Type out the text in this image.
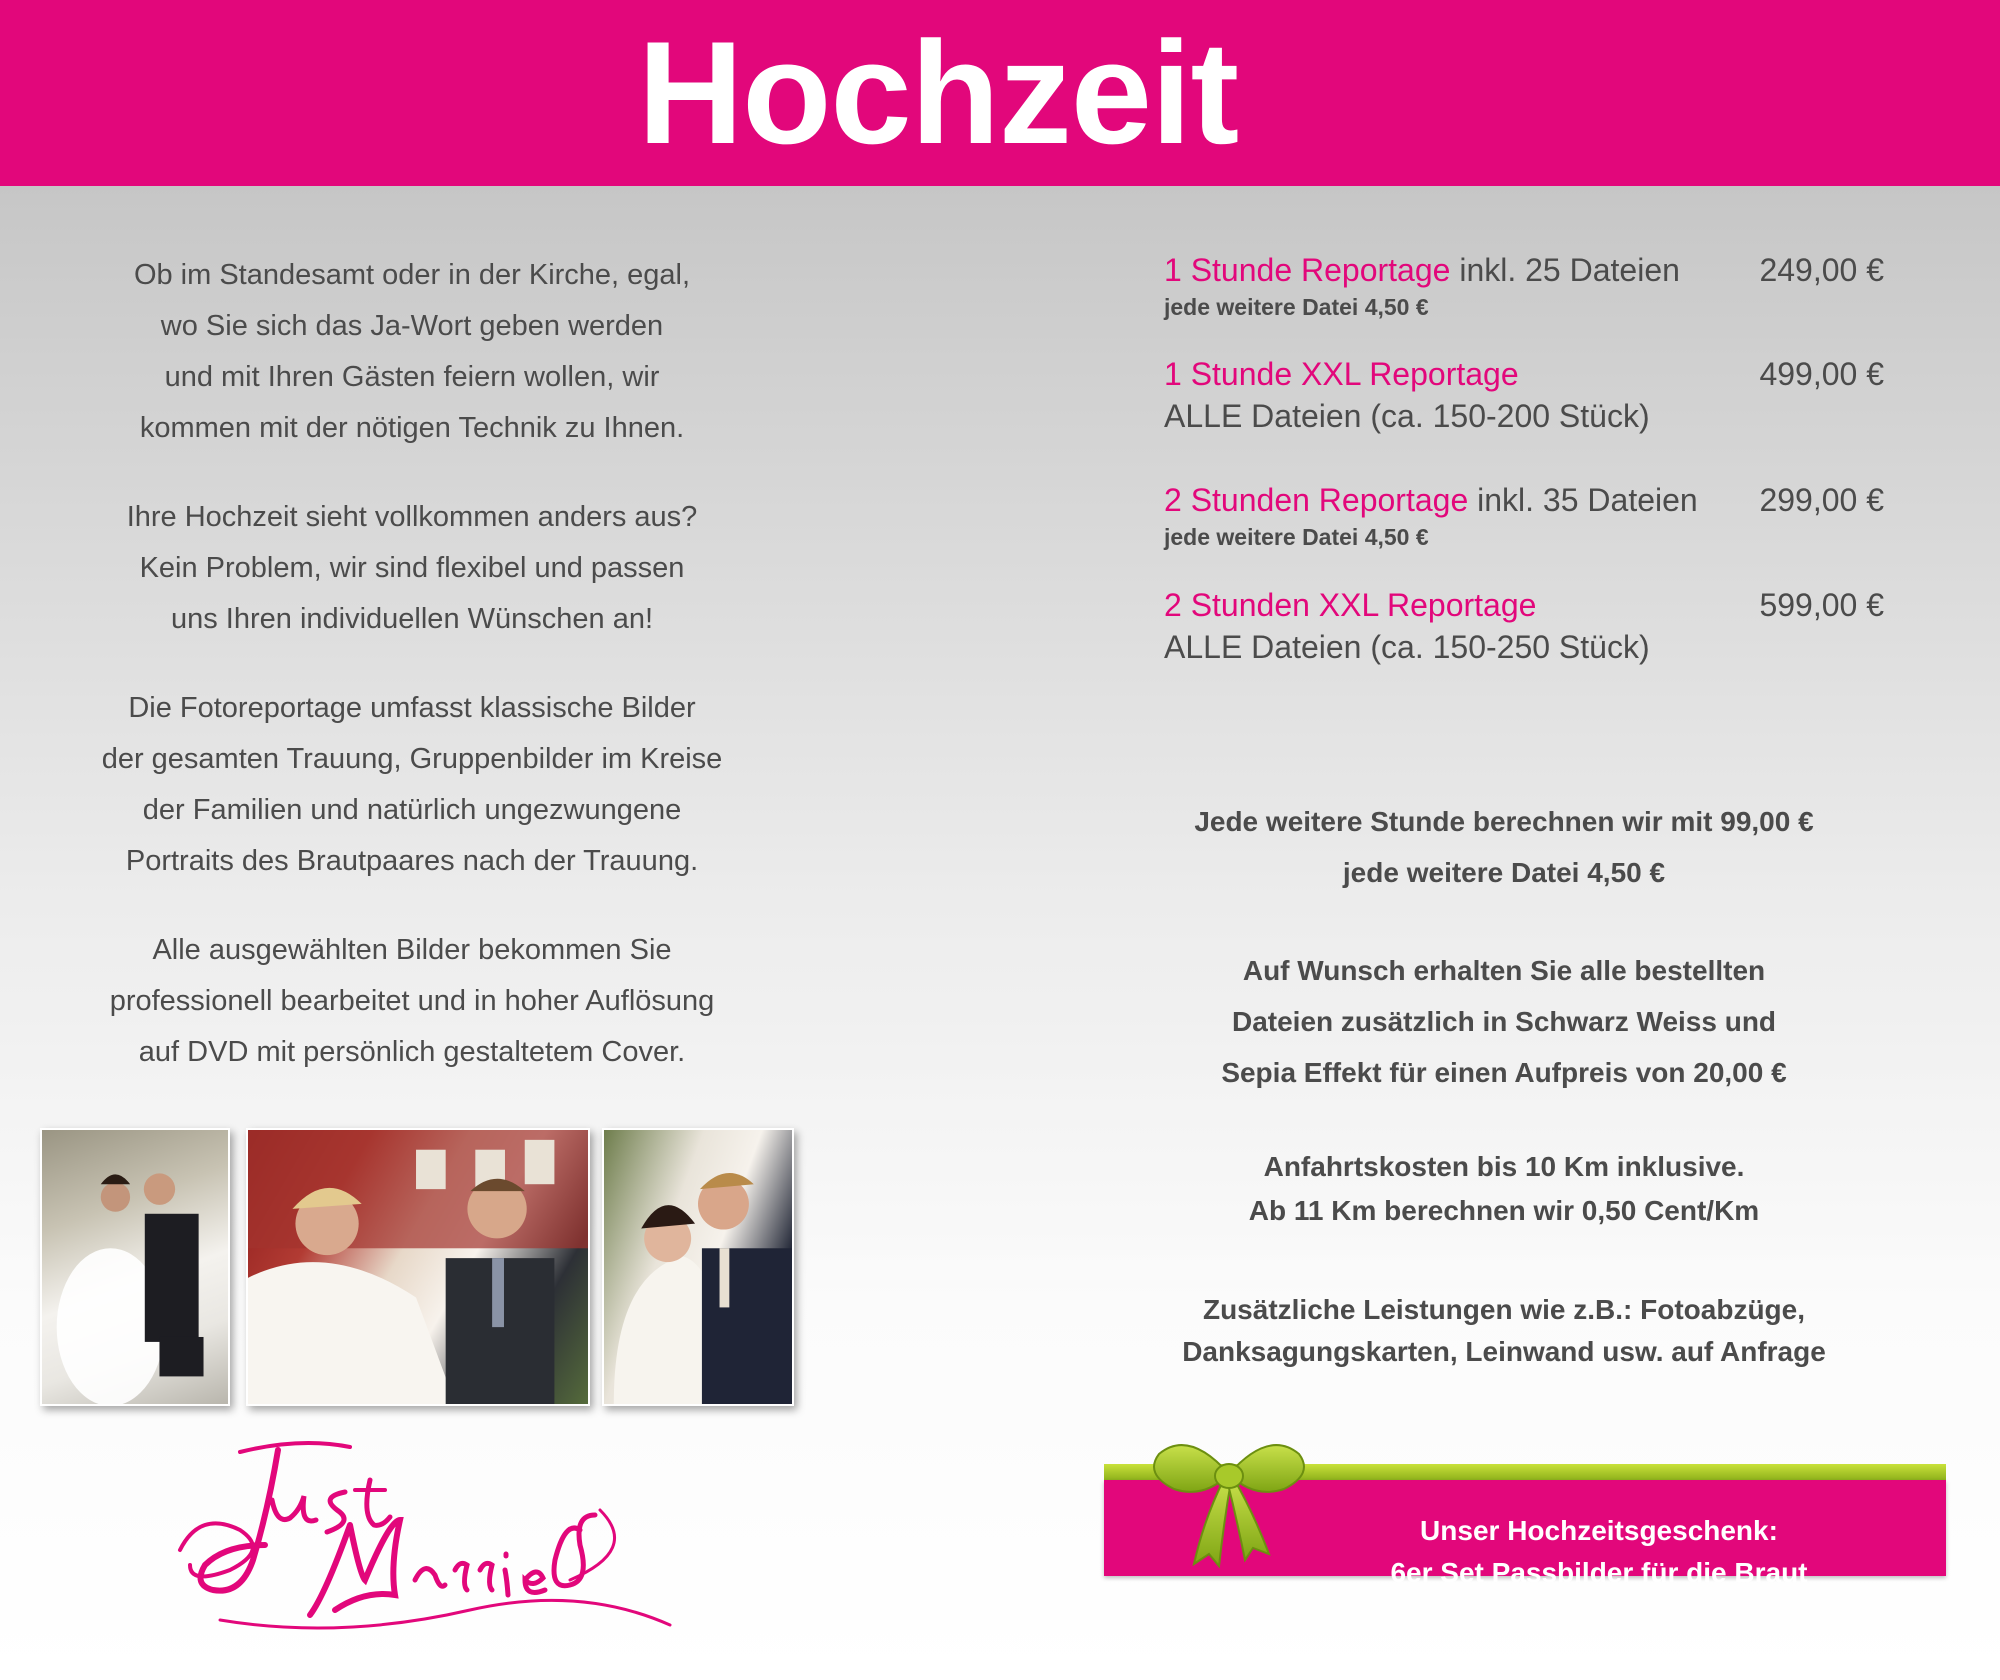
Hochzeit

Ob im Standesamt oder in der Kirche, egal,
wo Sie sich das Ja-Wort geben werden
und mit Ihren Gästen feiern wollen, wir
kommen mit der nötigen Technik zu Ihnen.

Ihre Hochzeit sieht vollkommen anders aus?
Kein Problem, wir sind flexibel und passen
uns Ihren individuellen Wünschen an!

Die Fotoreportage umfasst klassische Bilder
der gesamten Trauung, Gruppenbilder im Kreise
der Familien und natürlich ungezwungene
Portraits des Brautpaares nach der Trauung.

Alle ausgewählten Bilder bekommen Sie
professionell bearbeitet und in hoher Auflösung
auf DVD mit persönlich gestaltetem Cover.

1 Stunde Reportage inkl. 25 Dateien 249,00 €
jede weitere Datei 4,50 €
1 Stunde XXL Reportage	499,00 €
ALLE Dateien (ca. 150-200 Stück)
2 Stunden Reportage inkl. 35 Dateien 299,00 €
jede weitere Datei 4,50 €
2 Stunden XXL Reportage	599,00 €
ALLE Dateien (ca. 150-250 Stück)
Jede weitere Stunde berechnen wir mit 99,00 €
jede weitere Datei 4,50 €
Auf Wunsch erhalten Sie alle bestellten
Dateien zusätzlich in Schwarz Weiss und
Sepia Effekt für einen Aufpreis von 20,00 €
Anfahrtskosten bis 10 Km inklusive.
Ab 11 Km berechnen wir 0,50 Cent/Km
Zusätzliche Leistungen wie z.B.: Fotoabzüge,
Danksagungskarten, Leinwand usw. auf Anfrage
Unser Hochzeitsgeschenk:
6er Set Passbilder für die Braut
